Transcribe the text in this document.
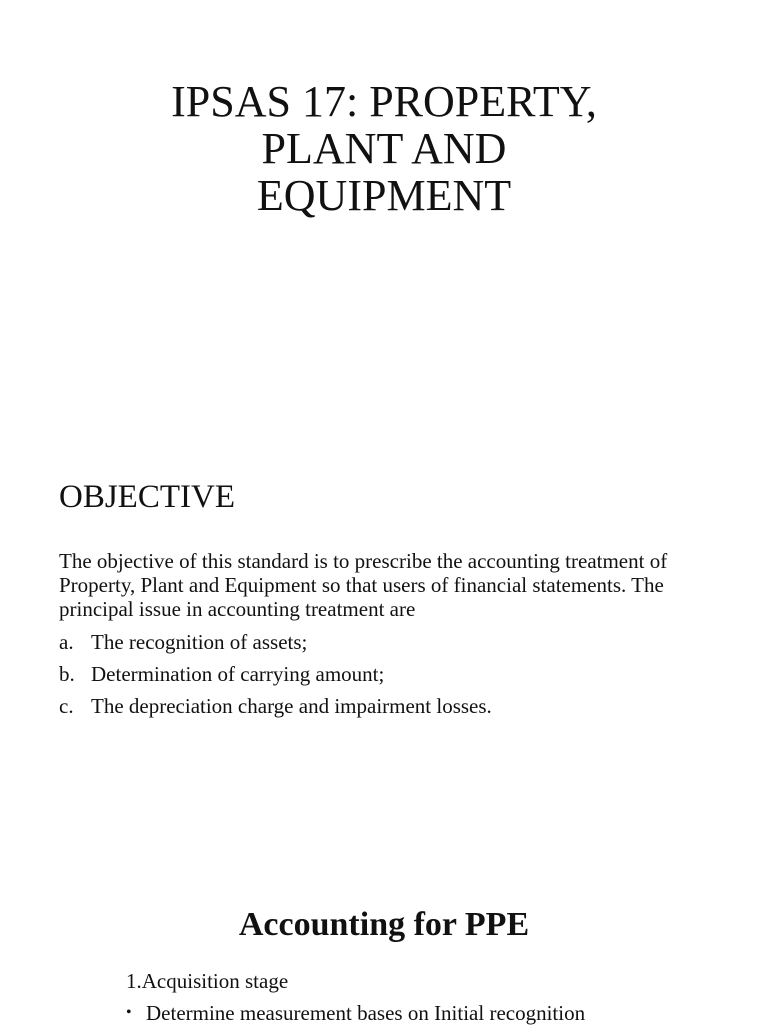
IPSAS 17: PROPERTY,
PLANT AND
EQUIPMENT
OBJECTIVE

The objective of this standard is to prescribe the accounting treatment of Property, Plant and Equipment so that users of financial statements. The principal issue in accounting treatment are

a. The recognition of assets;
b. Determination of carrying amount;
c. The depreciation charge and impairment losses.
Accounting for PPE

1.Acquisition stage

• Determine measurement bases on Initial recognition
